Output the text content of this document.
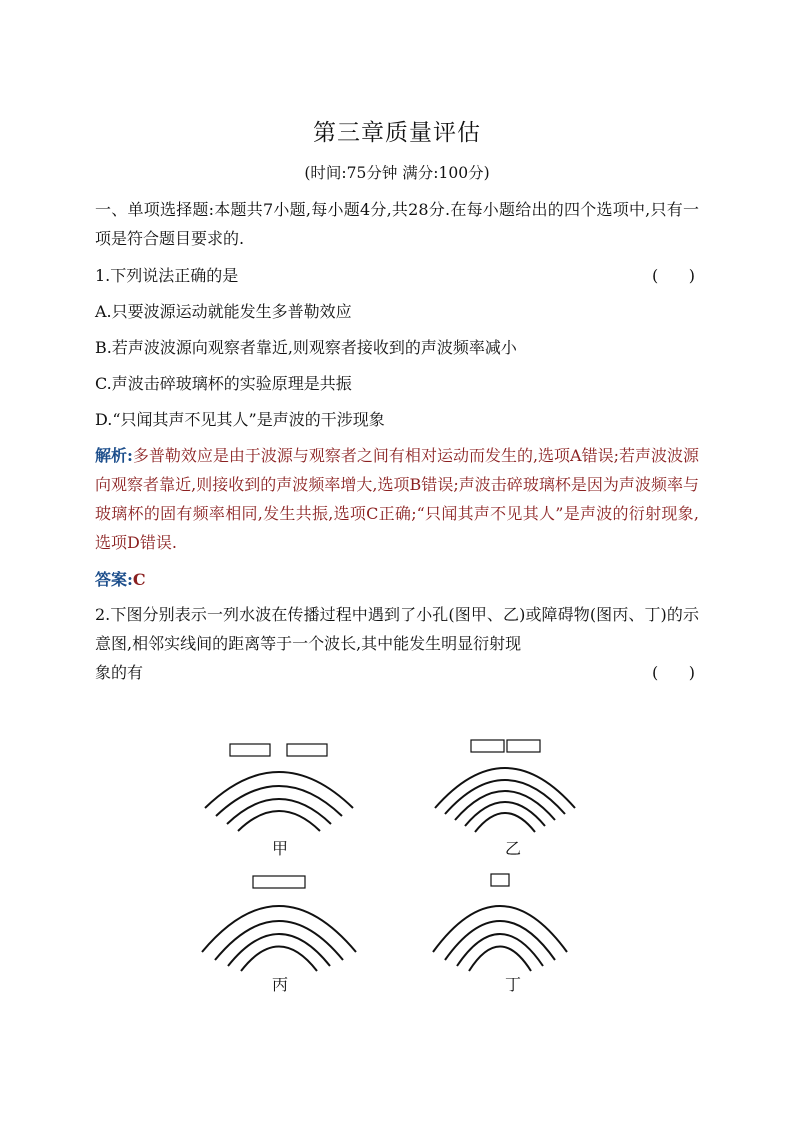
第三章质量评估
(时间:75分钟 满分:100分)

一、单项选择题:本题共7小题,每小题4分,共28分.在每小题给出的四个选项中,只有一项是符合题目要求的.

1.下列说法正确的是	(      )
A.只要波源运动就能发生多普勒效应
B.若声波波源向观察者靠近,则观察者接收到的声波频率减小
C.声波击碎玻璃杯的实验原理是共振
D.“只闻其声不见其人”是声波的干涉现象

解析:多普勒效应是由于波源与观察者之间有相对运动而发生的,选项A错误;若声波波源向观察者靠近,则接收到的声波频率增大,选项B错误;声波击碎玻璃杯是因为声波频率与玻璃杯的固有频率相同,发生共振,选项C正确;“只闻其声不见其人”是声波的衍射现象,选项D错误.

答案:C

2.下图分别表示一列水波在传播过程中遇到了小孔(图甲、乙)或障碍物(图丙、丁)的示意图,相邻实线间的距离等于一个波长,其中能发生明显衍射现

象的有	(      )
甲	乙
丙	丁
